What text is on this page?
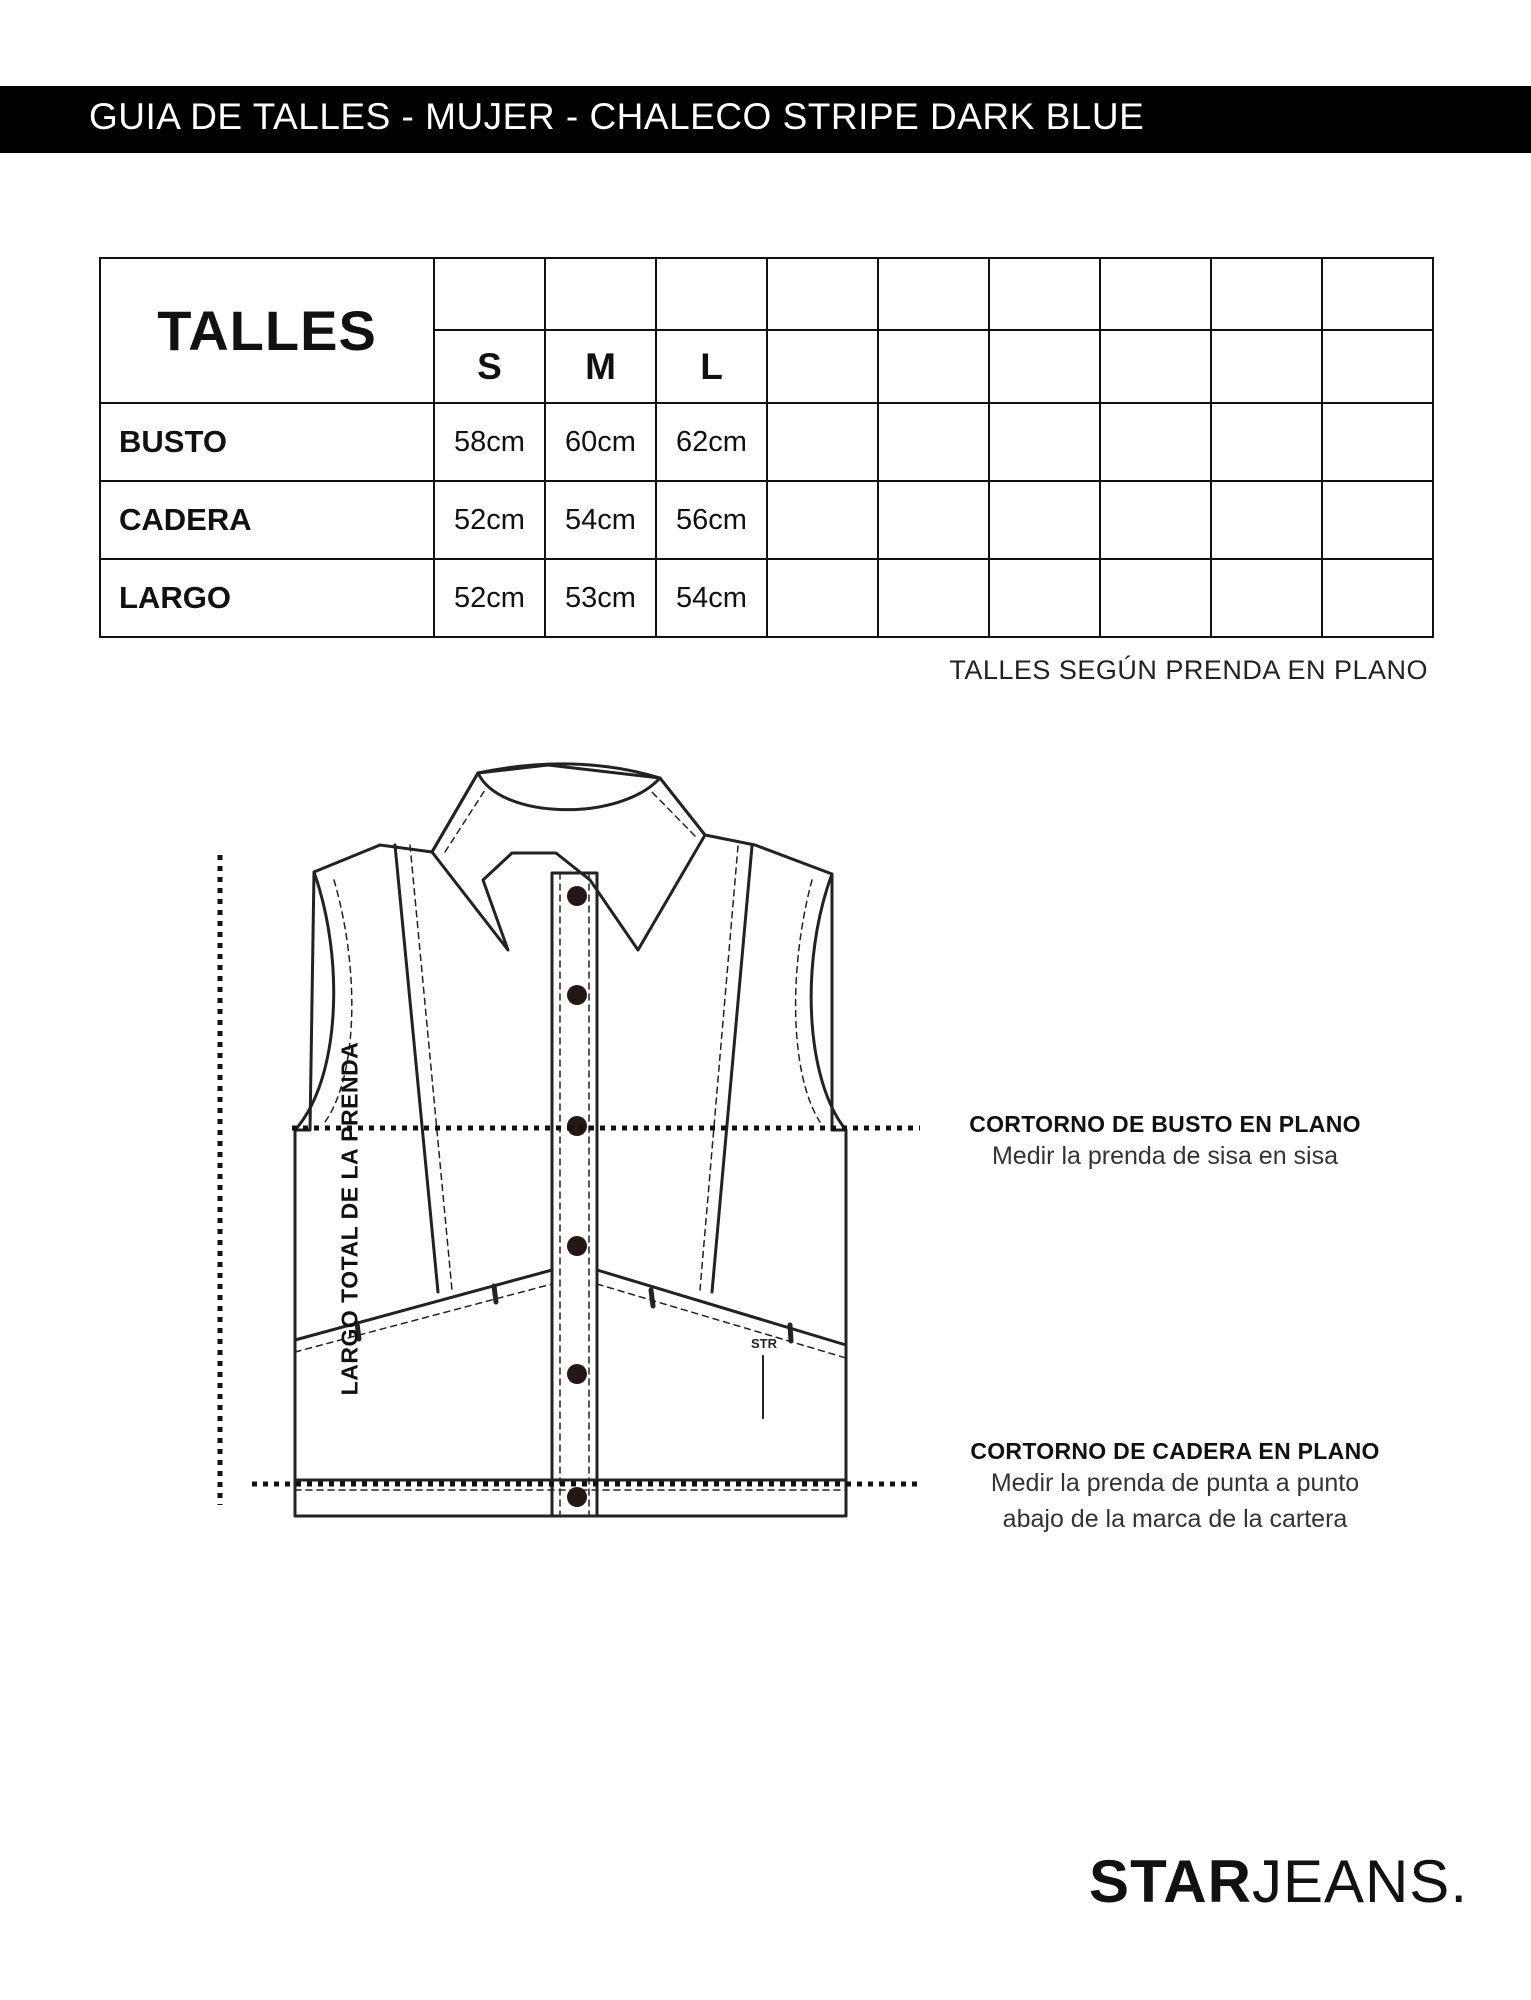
GUIA DE TALLES - MUJER - CHALECO STRIPE DARK BLUE
TALLES									
	S	M	L						
BUSTO	58cm	60cm	62cm						
CADERA	52cm	54cm	56cm						
LARGO	52cm	53cm	54cm						
TALLES SEGÚN PRENDA EN PLANO
STR
LARGO TOTAL DE LA PRENDA	CORTORNO DE BUSTO EN PLANO
Medir la prenda de sisa en sisa
CORTORNO DE CADERA EN PLANO
Medir la prenda de punta a punto
abajo de la marca de la cartera
STARJEANS.
